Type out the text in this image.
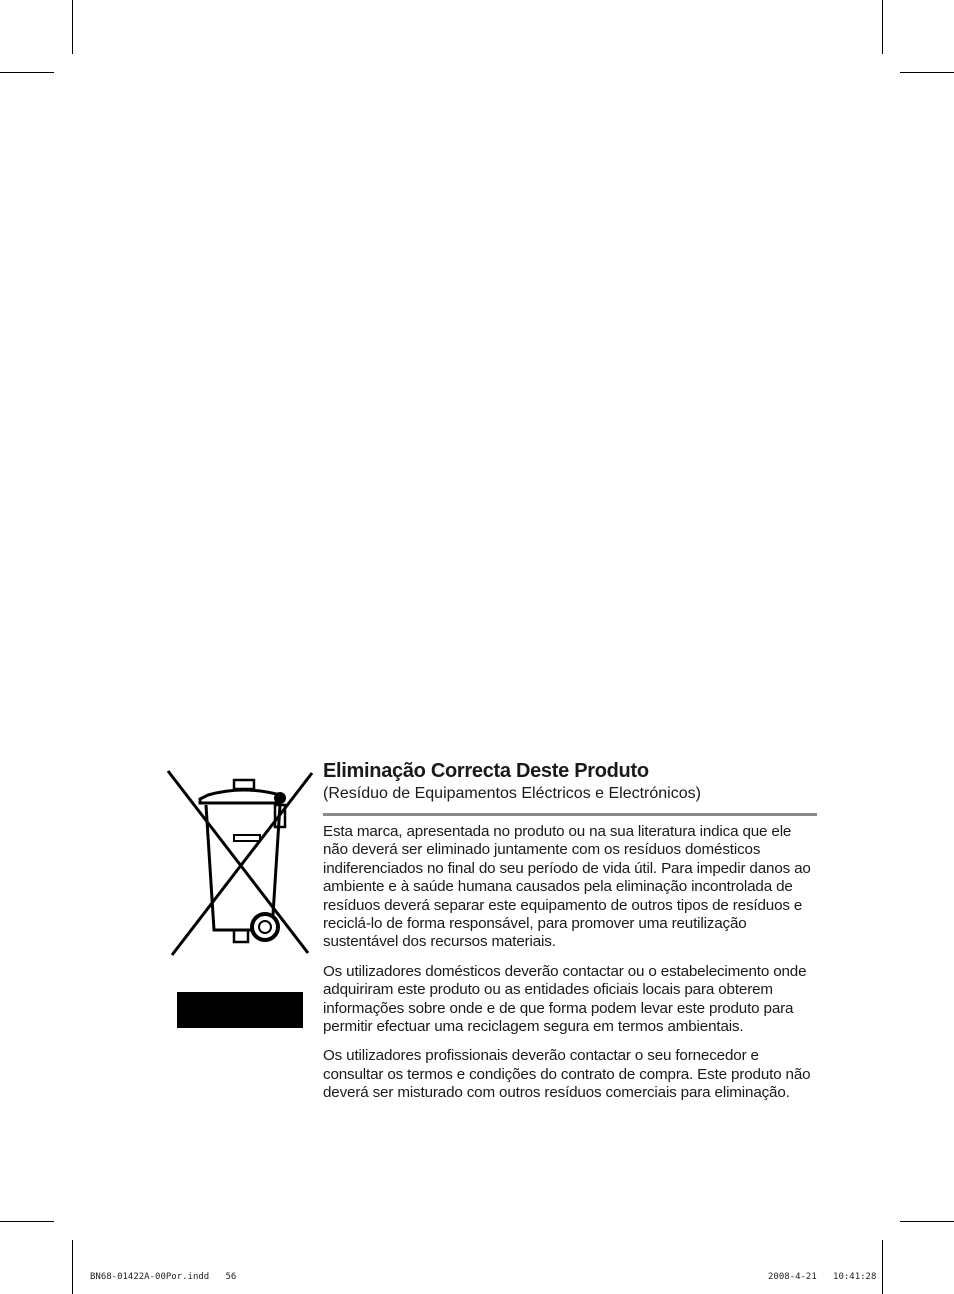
Eliminação Correcta Deste Produto

(Resíduo de Equipamentos Eléctricos e Electrónicos)

Esta marca, apresentada no produto ou na sua literatura indica que ele não deverá ser eliminado juntamente com os resíduos domésticos indiferenciados no final do seu período de vida útil. Para impedir danos ao ambiente e à saúde humana causados pela eliminação incontrolada de resíduos deverá separar este equipamento de outros tipos de resíduos e reciclá-lo de forma responsável, para promover uma reutilização sustentável dos recursos materiais.

Os utilizadores domésticos deverão contactar ou o estabelecimento onde adquiriram este produto ou as entidades oficiais locais para obterem informações sobre onde e de que forma podem levar este produto para permitir efectuar uma reciclagem segura em termos ambientais.

Os utilizadores profissionais deverão contactar o seu fornecedor e consultar os termos e condições do contrato de compra. Este produto não deverá ser misturado com outros resíduos comerciais para eliminação.

BN68-01422A-00Por.indd   56	2008-4-21   10:41:28
